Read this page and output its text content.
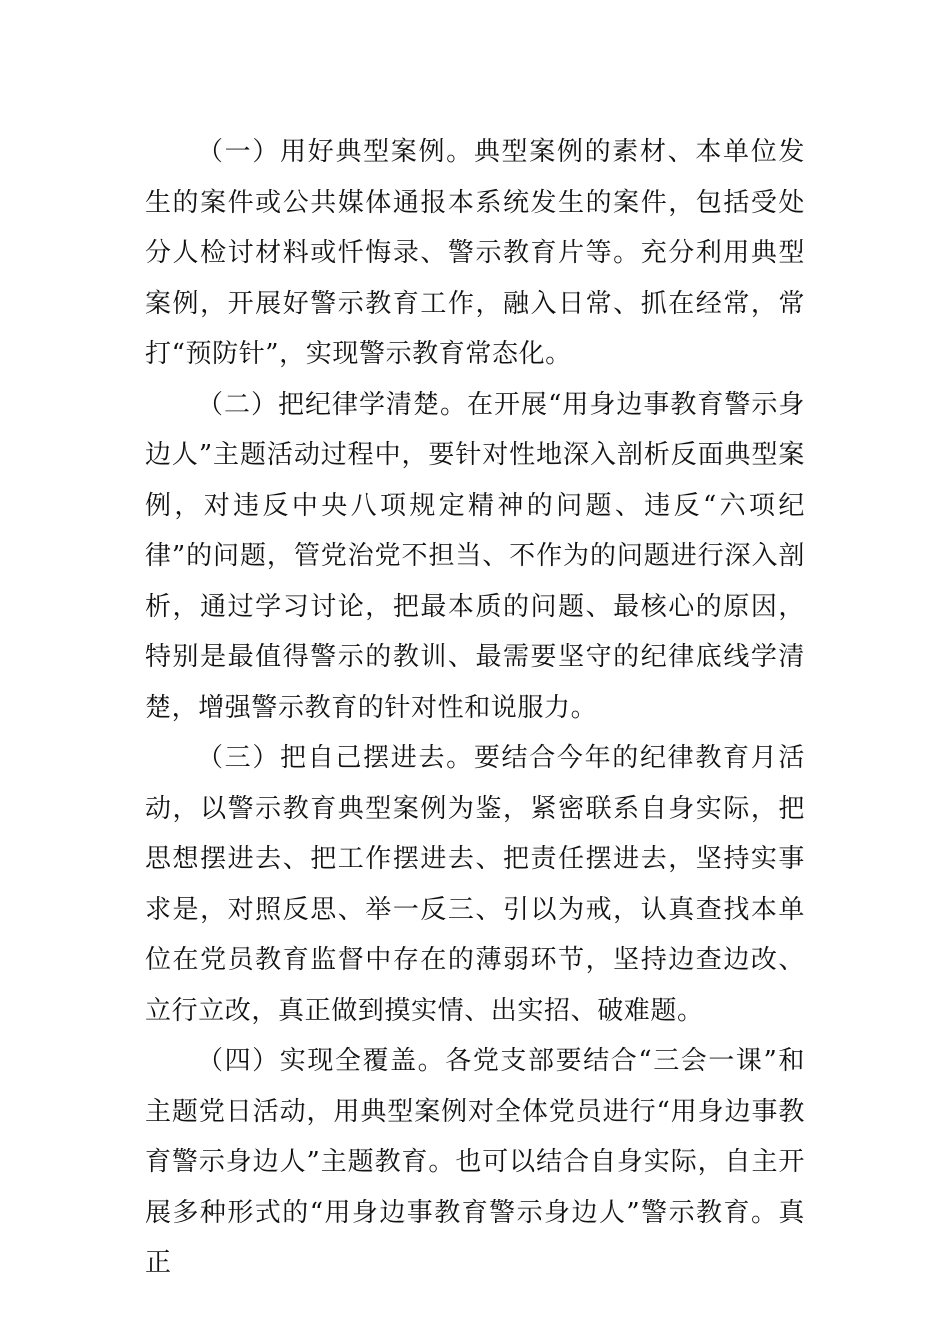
（一）用好典型案例。典型案例的素材、本单位发生的案件或公共媒体通报本系统发生的案件，包括受处分人检讨材料或忏悔录、警示教育片等。充分利用典型案例，开展好警示教育工作，融入日常、抓在经常，常打“预防针”，实现警示教育常态化。

（二）把纪律学清楚。在开展“用身边事教育警示身边人”主题活动过程中，要针对性地深入剖析反面典型案例，对违反中央八项规定精神的问题、违反“六项纪律”的问题，管党治党不担当、不作为的问题进行深入剖析，通过学习讨论，把最本质的问题、最核心的原因，特别是最值得警示的教训、最需要坚守的纪律底线学清楚，增强警示教育的针对性和说服力。

（三）把自己摆进去。要结合今年的纪律教育月活动，以警示教育典型案例为鉴，紧密联系自身实际，把思想摆进去、把工作摆进去、把责任摆进去，坚持实事求是，对照反思、举一反三、引以为戒，认真查找本单位在党员教育监督中存在的薄弱环节，坚持边查边改、立行立改，真正做到摸实情、出实招、破难题。

（四）实现全覆盖。各党支部要结合“三会一课”和主题党日活动，用典型案例对全体党员进行“用身边事教育警示身边人”主题教育。也可以结合自身实际，自主开展多种形式的“用身边事教育警示身边人”警示教育。真正
